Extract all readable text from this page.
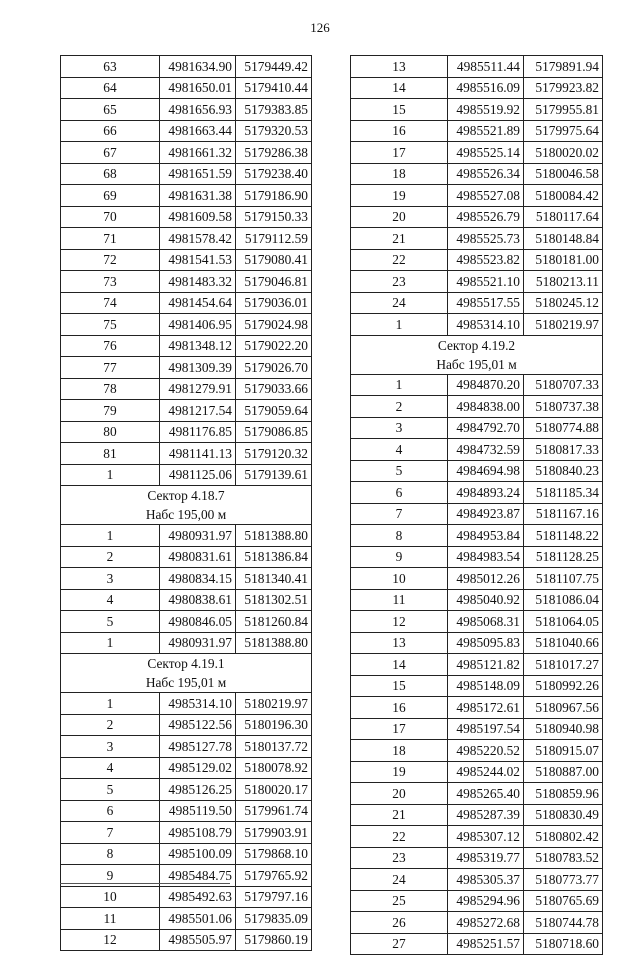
126
63	4981634.90	5179449.42
64	4981650.01	5179410.44
65	4981656.93	5179383.85
66	4981663.44	5179320.53
67	4981661.32	5179286.38
68	4981651.59	5179238.40
69	4981631.38	5179186.90
70	4981609.58	5179150.33
71	4981578.42	5179112.59
72	4981541.53	5179080.41
73	4981483.32	5179046.81
74	4981454.64	5179036.01
75	4981406.95	5179024.98
76	4981348.12	5179022.20
77	4981309.39	5179026.70
78	4981279.91	5179033.66
79	4981217.54	5179059.64
80	4981176.85	5179086.85
81	4981141.13	5179120.32
1	4981125.06	5179139.61

Сектор 4.18.7
Набс 195,00 м		

1	4980931.97	5181388.80
2	4980831.61	5181386.84
3	4980834.15	5181340.41
4	4980838.61	5181302.51
5	4980846.05	5181260.84
1	4980931.97	5181388.80

Сектор 4.19.1
Набс 195,01 м		

1	4985314.10	5180219.97
2	4985122.56	5180196.30
3	4985127.78	5180137.72
4	4985129.02	5180078.92
5	4985126.25	5180020.17
6	4985119.50	5179961.74
7	4985108.79	5179903.91
8	4985100.09	5179868.10
9	4985484.75	5179765.92
10	4985492.63	5179797.16
11	4985501.06	5179835.09
12	4985505.97	5179860.19
13	4985511.44	5179891.94
14	4985516.09	5179923.82
15	4985519.92	5179955.81
16	4985521.89	5179975.64
17	4985525.14	5180020.02
18	4985526.34	5180046.58
19	4985527.08	5180084.42
20	4985526.79	5180117.64
21	4985525.73	5180148.84
22	4985523.82	5180181.00
23	4985521.10	5180213.11
24	4985517.55	5180245.12
1	4985314.10	5180219.97

Сектор 4.19.2
Набс 195,01 м		

1	4984870.20	5180707.33
2	4984838.00	5180737.38
3	4984792.70	5180774.88
4	4984732.59	5180817.33
5	4984694.98	5180840.23
6	4984893.24	5181185.34
7	4984923.87	5181167.16
8	4984953.84	5181148.22
9	4984983.54	5181128.25
10	4985012.26	5181107.75
11	4985040.92	5181086.04
12	4985068.31	5181064.05
13	4985095.83	5181040.66
14	4985121.82	5181017.27
15	4985148.09	5180992.26
16	4985172.61	5180967.56
17	4985197.54	5180940.98
18	4985220.52	5180915.07
19	4985244.02	5180887.00
20	4985265.40	5180859.96
21	4985287.39	5180830.49
22	4985307.12	5180802.42
23	4985319.77	5180783.52
24	4985305.37	5180773.77
25	4985294.96	5180765.69
26	4985272.68	5180744.78
27	4985251.57	5180718.60
